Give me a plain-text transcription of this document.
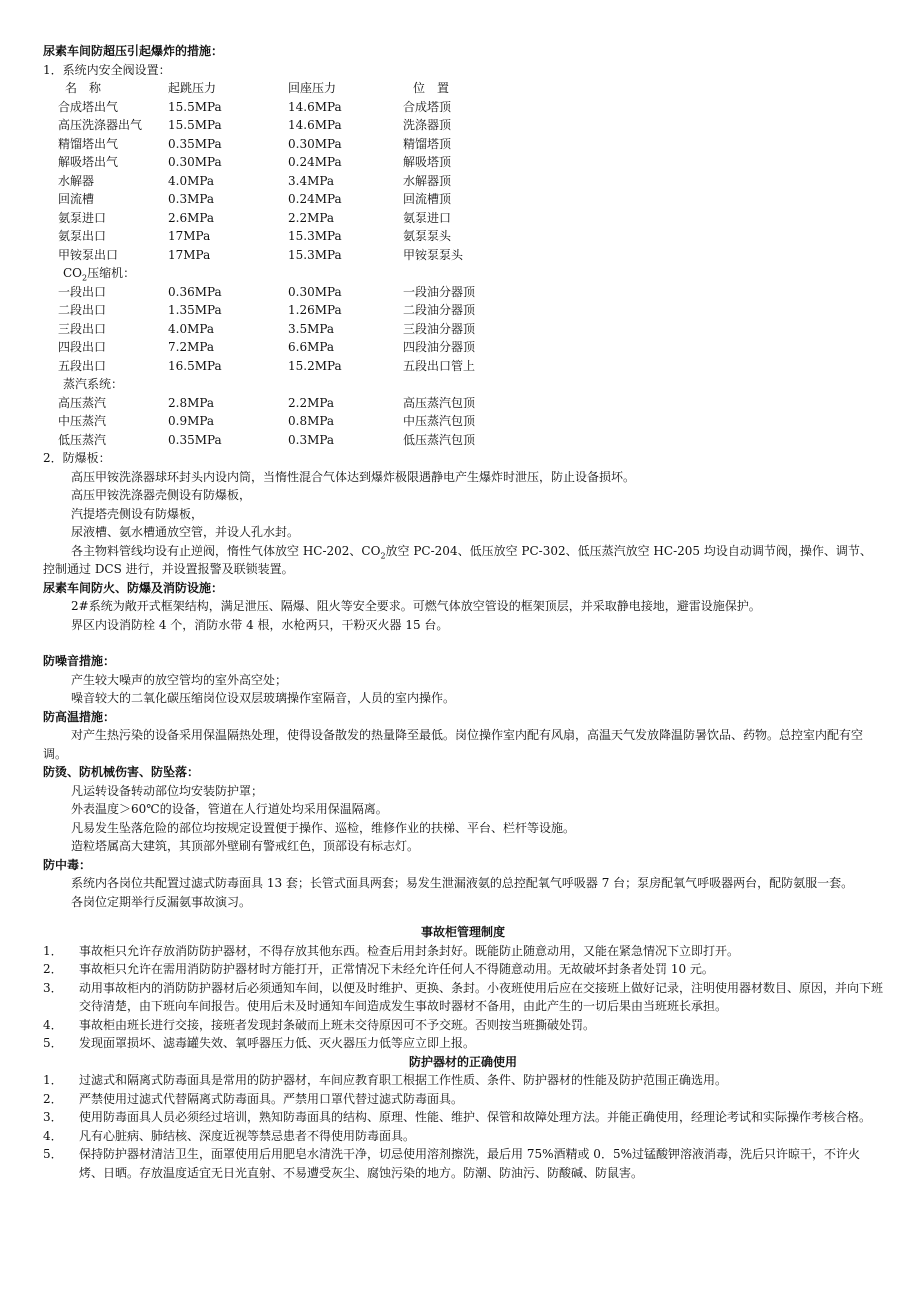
尿素车间防超压引起爆炸的措施：
1．系统内安全阀设置：
名　称	起跳压力	回座压力	位　置
合成塔出气	15.5MPa	14.6MPa	合成塔顶
高压洗涤器出气	15.5MPa	14.6MPa	洗涤器顶
精馏塔出气	0.35MPa	0.30MPa	精馏塔顶
解吸塔出气	0.30MPa	0.24MPa	解吸塔顶
水解器	4.0MPa	3.4MPa	水解器顶
回流槽	0.3MPa	0.24MPa	回流槽顶
氨泵进口	2.6MPa	2.2MPa	氨泵进口
氨泵出口	17MPa	15.3MPa	氨泵泵头
甲铵泵出口	17MPa	15.3MPa	甲铵泵泵头
$CO_2$压缩机：
一段出口	0.36MPa	0.30MPa	一段油分器顶
二段出口	1.35MPa	1.26MPa	二段油分器顶
三段出口	4.0MPa	3.5MPa	三段油分器顶
四段出口	7.2MPa	6.6MPa	四段油分器顶
五段出口	16.5MPa	15.2MPa	五段出口管上
蒸汽系统：
高压蒸汽	2.8MPa	2.2MPa	高压蒸汽包顶
中压蒸汽	0.9MPa	0.8MPa	中压蒸汽包顶
低压蒸汽	0.35MPa	0.3MPa	低压蒸汽包顶
2．防爆板：
高压甲铵洗涤器球环封头内设内筒，当惰性混合气体达到爆炸极限遇静电产生爆炸时泄压，防止设备损坏。
高压甲铵洗涤器壳侧设有防爆板，
汽提塔壳侧设有防爆板，
尿液槽、氨水槽通放空管，并设人孔水封。
各主物料管线均设有止逆阀，惰性气体放空 HC-202、$CO_2$放空 PC-204、低压放空 PC-302、低压蒸汽放空 HC-205 均设自动调节阀，操作、调节、控制通过 DCS 进行，并设置报警及联锁装置。
尿素车间防火、防爆及消防设施：
2#系统为敞开式框架结构，满足泄压、隔爆、阻火等安全要求。可燃气体放空管设的框架顶层，并采取静电接地，避雷设施保护。
界区内设消防栓 4 个，消防水带 4 根，水枪两只，干粉灭火器 15 台。
防噪音措施：
产生较大噪声的放空管均的室外高空处；
噪音较大的二氧化碳压缩岗位设双层玻璃操作室隔音，人员的室内操作。
防高温措施：
对产生热污染的设备采用保温隔热处理，使得设备散发的热量降至最低。岗位操作室内配有风扇，高温天气发放降温防暑饮品、药物。总控室内配有空调。
防烫、防机械伤害、防坠落：
凡运转设备转动部位均安装防护罩；
外表温度＞60℃的设备，管道在人行道处均采用保温隔离。
凡易发生坠落危险的部位均按规定设置便于操作、巡检，维修作业的扶梯、平台、栏杆等设施。
造粒塔属高大建筑，其顶部外壁刷有警戒红色，顶部设有标志灯。
防中毒：
系统内各岗位共配置过滤式防毒面具 13 套；长管式面具两套；易发生泄漏液氨的总控配氧气呼吸器 7 台；泵房配氧气呼吸器两台，配防氨服一套。
各岗位定期举行反漏氨事故演习。
事故柜管理制度
1．	事故柜只允许存放消防防护器材，不得存放其他东西。检查后用封条封好。既能防止随意动用，又能在紧急情况下立即打开。
2．	事故柜只允许在需用消防防护器材时方能打开，正常情况下未经允许任何人不得随意动用。无故破坏封条者处罚 10 元。
3．	动用事故柜内的消防防护器材后必须通知车间，以便及时维护、更换、条封。小夜班使用后应在交接班上做好记录，注明使用器材数目、原因，并向下班交待清楚，由下班向车间报告。使用后未及时通知车间造成发生事故时器材不备用，由此产生的一切后果由当班班长承担。
4．	事故柜由班长进行交接，接班者发现封条破而上班未交待原因可不予交班。否则按当班撕破处罚。
5．	发现面罩损坏、滤毒罐失效、氧呼器压力低、灭火器压力低等应立即上报。
防护器材的正确使用
1．	过滤式和隔离式防毒面具是常用的防护器材，车间应教育职工根据工作性质、条件、防护器材的性能及防护范围正确选用。
2．	严禁使用过滤式代替隔离式防毒面具。严禁用口罩代替过滤式防毒面具。
3．	使用防毒面具人员必须经过培训，熟知防毒面具的结构、原理、性能、维护、保管和故障处理方法。并能正确使用，经理论考试和实际操作考核合格。
4．	凡有心脏病、肺结核、深度近视等禁忌患者不得使用防毒面具。
5．	保持防护器材清洁卫生，面罩使用后用肥皂水清洗干净，切忌使用溶剂擦洗，最后用 75%酒精或 0．5%过锰酸钾溶液消毒，洗后只许晾干，不许火烤、日晒。存放温度适宜无日光直射、不易遭受灰尘、腐蚀污染的地方。防潮、防油污、防酸碱、防鼠害。
